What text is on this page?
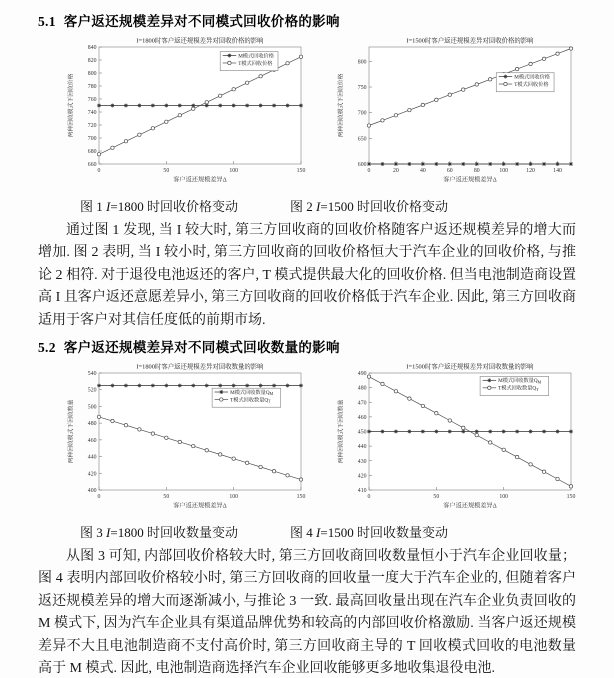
5.1 客户返还规模差异对不同模式回收价格的影响
I=1800时客户返还规模差异对回收价格的影响
660
680
700
720
740
760
780
800
820
840
0	50	100	150
客户返还规模差异Δ
两种回收模式下回收价格
M模式回收价格
T模式回收价格
I=1500时客户返还规模差异对回收价格的影响
600
650
700
750
800
0	20	40	60	80	100	120	140
客户返还规模差异Δ
两种回收模式下回收价格	M模式回收价格
T模式回收价格
图 1 I=1800 时回收价格变动	图 2 I=1500 时回收价格变动

通过图 1 发现, 当 I 较大时, 第三方回收商的回收价格随客户返还规模差异的增大而增加. 图 2 表明, 当 I 较小时, 第三方回收商的回收价格恒大于汽车企业的回收价格, 与推论 2 相符. 对于退役电池返还的客户, T 模式提供最大化的回收价格. 但当电池制造商设置高 I 且客户返还意愿差异小, 第三方回收商的回收价格低于汽车企业. 因此, 第三方回收商适用于客户对其信任度低的前期市场.

5.2 客户返还规模差异对不同模式回收数量的影响
I=1800时客户返还规模差异对回收数量的影响
400
420
440
460
480
500
520
540
0	50	100	150
客户返还规模差异Δ
两种回收模式下回收数量
M模式回收数量$Q_M$
T模式回收数量$Q_T$
I=1500时客户返还规模差异对回收数量的影响
410
420
430
440
450
460
470
480
490
0	50	100	150
客户返还规模差异Δ
两种回收模式下回收数量
M模式回收数量$Q_M$
T模式回收数量$Q_T$
图 3 I=1800 时回收数量变动	图 4 I=1500 时回收数量变动

从图 3 可知, 内部回收价格较大时, 第三方回收商回收数量恒小于汽车企业回收量；图 4 表明内部回收价格较小时, 第三方回收商的回收量一度大于汽车企业的, 但随着客户返还规模差异的增大而逐渐减小, 与推论 3 一致. 最高回收量出现在汽车企业负责回收的 M 模式下, 因为汽车企业具有渠道品牌优势和较高的内部回收价格激励. 当客户返还规模差异不大且电池制造商不支付高价时, 第三方回收商主导的 T 回收模式回收的电池数量高于 M 模式. 因此, 电池制造商选择汽车企业回收能够更多地收集退役电池.
